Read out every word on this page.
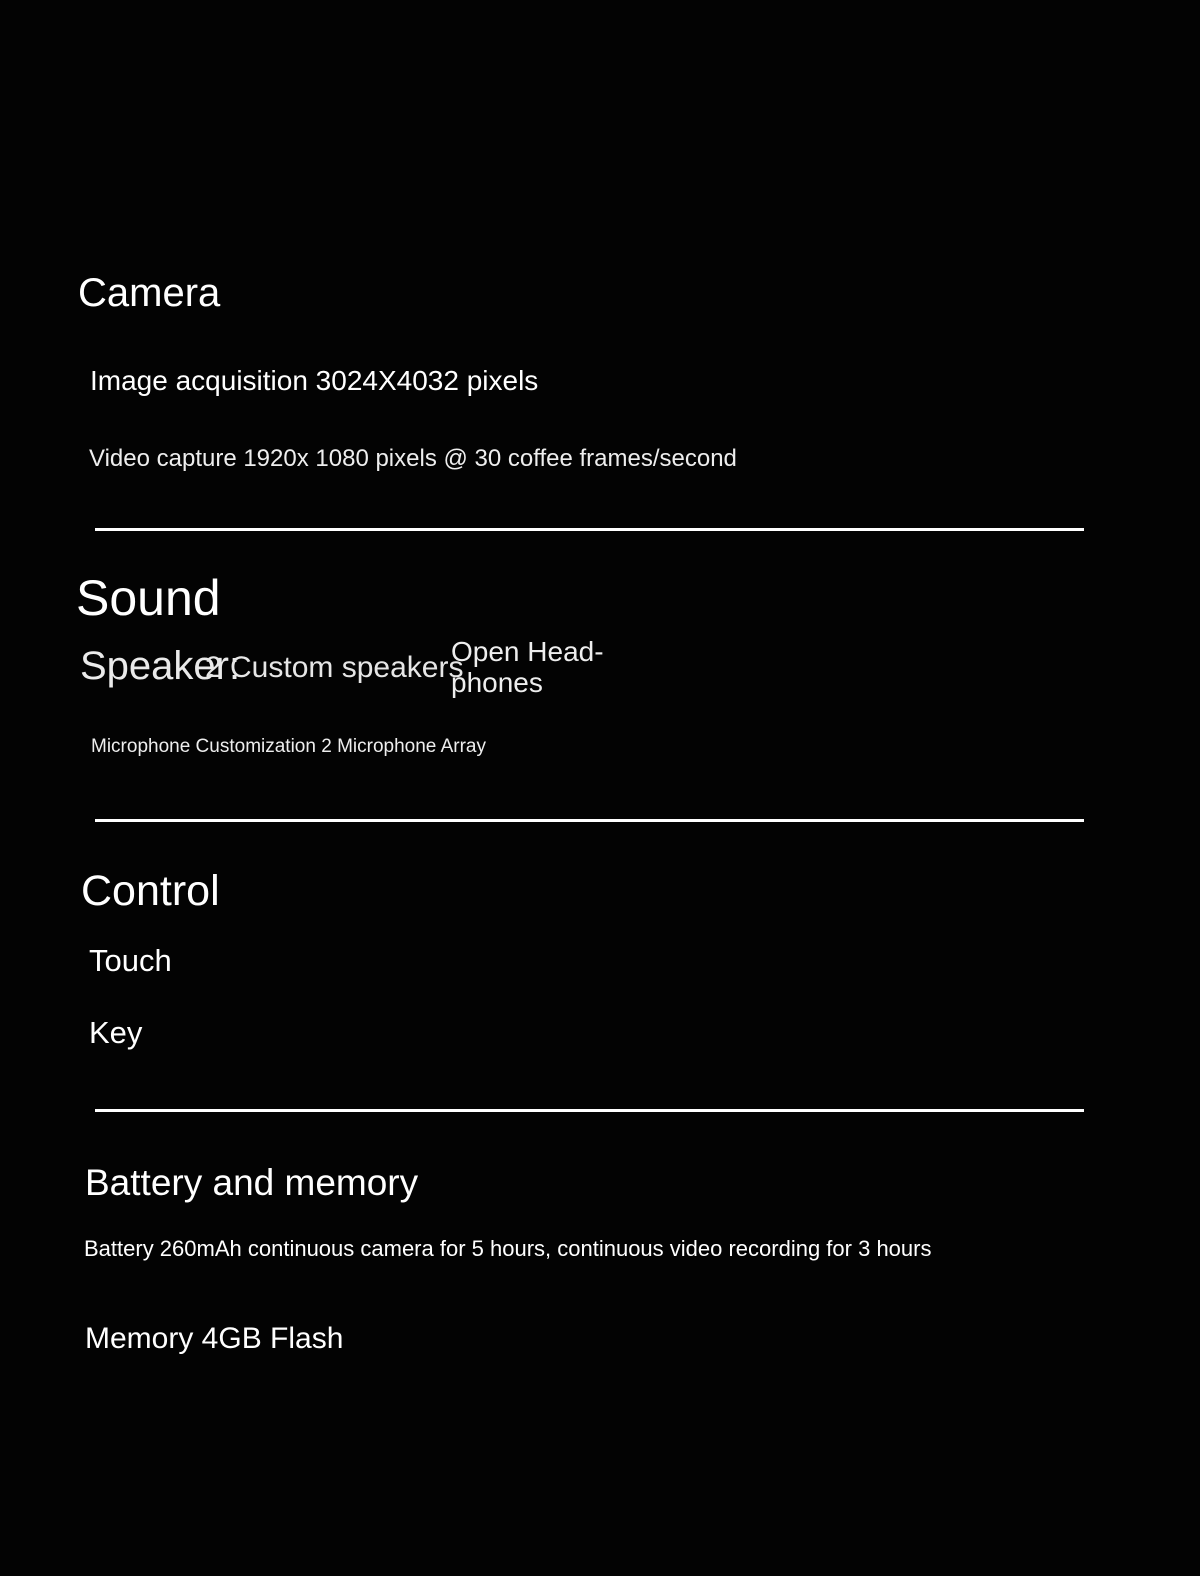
Camera
Image acquisition 3024X4032 pixels
Video capture 1920x 1080 pixels @ 30 coffee frames/second
Sound
Speaker:
2 Custom speakers
Open Head-
phones
Microphone Customization 2 Microphone Array
Control
Touch
Key
Battery and memory
Battery 260mAh continuous camera for 5 hours, continuous video recording for 3 hours
Memory 4GB Flash
